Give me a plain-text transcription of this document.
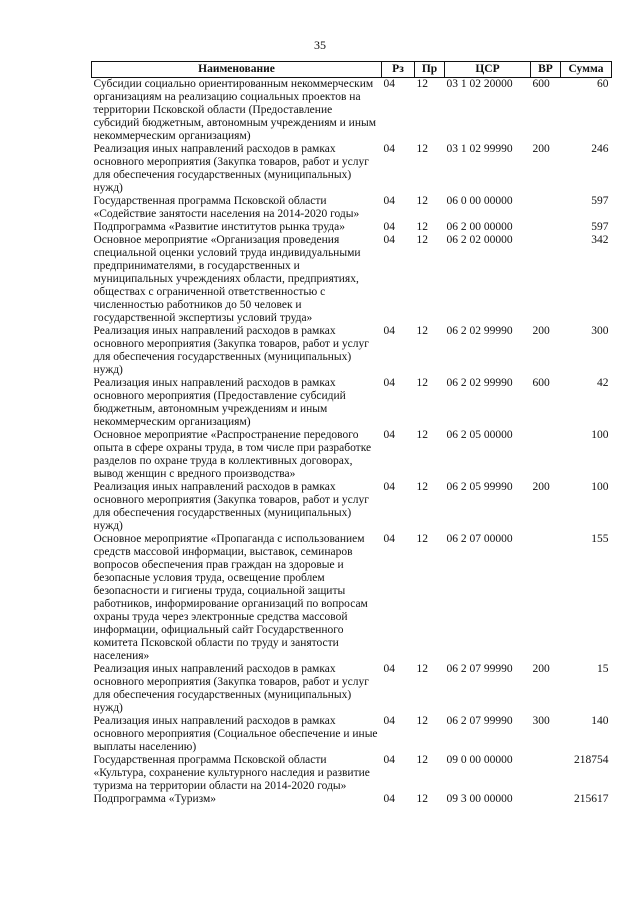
35
Наименование	Рз	Пр	ЦСР	ВР	Сумма
Субсидии социально ориентированным некоммерческим организациям на реализацию социальных проектов на территории Псковской области (Предоставление субсидий бюджетным, автономным учреждениям и иным некоммерческим организациям)	04	12	03 1 02 20000	600	60
Реализация иных направлений расходов в рамках основного мероприятия (Закупка товаров, работ и услуг для обеспечения государственных (муниципальных) нужд)	04	12	03 1 02 99990	200	246
Государственная программа Псковской области «Содействие занятости населения на 2014-2020 годы»	04	12	06 0 00 00000		597
Подпрограмма «Развитие институтов рынка труда»	04	12	06 2 00 00000		597
Основное мероприятие «Организация проведения специальной оценки условий труда индивидуальными предпринимателями, в государственных и муниципальных учреждениях области, предприятиях, обществах с ограниченной ответственностью с численностью работников до 50 человек и государственной экспертизы условий труда»	04	12	06 2 02 00000		342
Реализация иных направлений расходов в рамках основного мероприятия (Закупка товаров, работ и услуг для обеспечения государственных (муниципальных) нужд)	04	12	06 2 02 99990	200	300
Реализация иных направлений расходов в рамках основного мероприятия (Предоставление субсидий бюджетным, автономным учреждениям и иным некоммерческим организациям)	04	12	06 2 02 99990	600	42
Основное мероприятие «Распространение передового опыта в сфере охраны труда, в том числе при разработке разделов по охране труда в коллективных договорах, вывод женщин с вредного производства»	04	12	06 2 05 00000		100
Реализация иных направлений расходов в рамках основного мероприятия (Закупка товаров, работ и услуг для обеспечения государственных (муниципальных) нужд)	04	12	06 2 05 99990	200	100
Основное мероприятие «Пропаганда с использованием средств массовой информации, выставок, семинаров вопросов обеспечения прав граждан на здоровые и безопасные условия труда, освещение проблем безопасности и гигиены труда, социальной защиты работников, информирование организаций по вопросам охраны труда через электронные средства массовой информации, официальный сайт Государственного комитета Псковской области по труду и занятости населения»	04	12	06 2 07 00000		155
Реализация иных направлений расходов в рамках основного мероприятия (Закупка товаров, работ и услуг для обеспечения государственных (муниципальных) нужд)	04	12	06 2 07 99990	200	15
Реализация иных направлений расходов в рамках основного мероприятия (Социальное обеспечение и иные выплаты населению)	04	12	06 2 07 99990	300	140
Государственная программа Псковской области «Культура, сохранение культурного наследия и развитие туризма на территории области на 2014-2020 годы»	04	12	09 0 00 00000		218754
Подпрограмма «Туризм»	04	12	09 3 00 00000		215617
